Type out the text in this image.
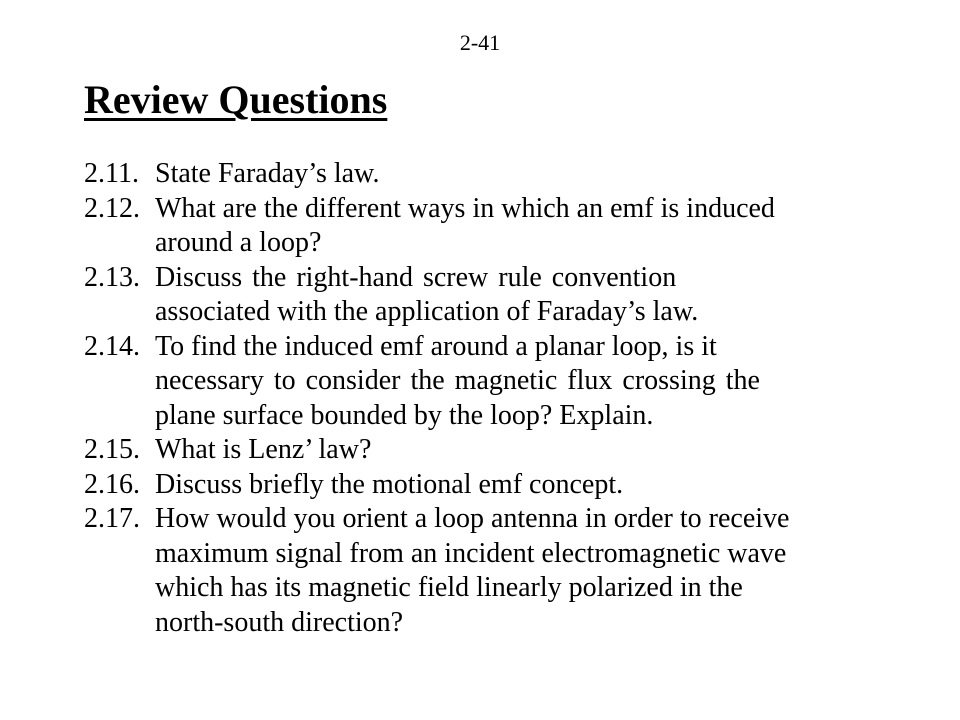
2-41
Review Questions
2.11. State Faraday’s law.
2.12. What are the different ways in which an emf is induced
around a loop?
2.13. Discuss the right-hand screw rule convention
associated with the application of Faraday’s law.
2.14. To find the induced emf around a planar loop, is it
necessary to consider the magnetic flux crossing the
plane surface bounded by the loop? Explain.
2.15. What is Lenz’ law?
2.16. Discuss briefly the motional emf concept.
2.17. How would you orient a loop antenna in order to receive
maximum signal from an incident electromagnetic wave
which has its magnetic field linearly polarized in the
north-south direction?
